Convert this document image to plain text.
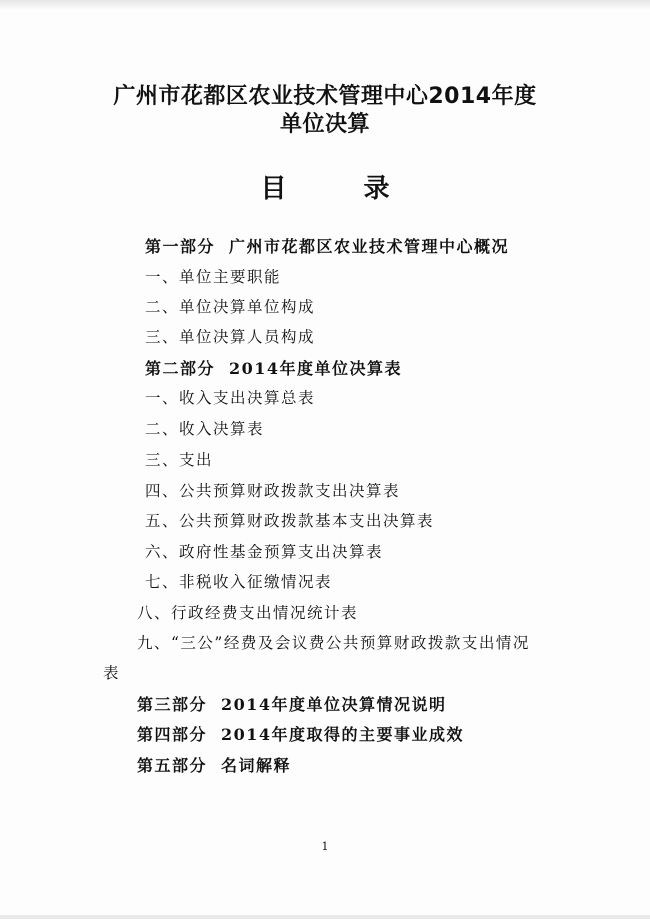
广州市花都区农业技术管理中心2014年度
单位决算
目 录
第一部分 广州市花都区农业技术管理中心概况
一、单位主要职能
二、单位决算单位构成
三、单位决算人员构成
第二部分 2014年度单位决算表
一、收入支出决算总表
二、收入决算表
三、支出
四、公共预算财政拨款支出决算表
五、公共预算财政拨款基本支出决算表
六、政府性基金预算支出决算表
七、非税收入征缴情况表
八、行政经费支出情况统计表
九、“三公”经费及会议费公共预算财政拨款支出情况
表
第三部分 2014年度单位决算情况说明
第四部分 2014年度取得的主要事业成效
第五部分 名词解释
1
